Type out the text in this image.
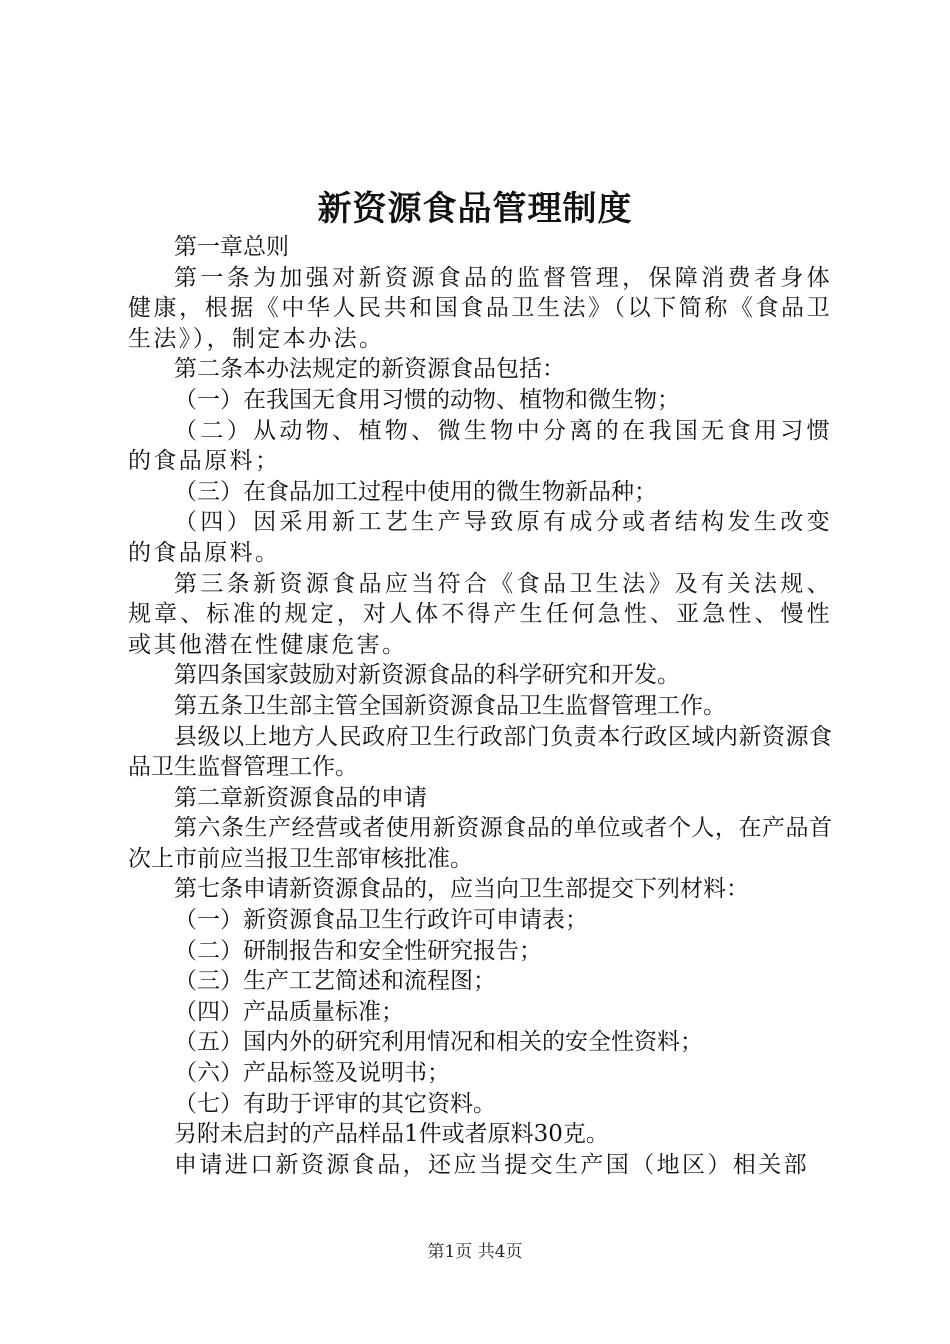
新资源食品管理制度

第一章总则

第一条为加强对新资源食品的监督管理，保障消费者身体健康，根据《中华人民共和国食品卫生法》（以下简称《食品卫生法》），制定本办法。

第二条本办法规定的新资源食品包括：

（一）在我国无食用习惯的动物、植物和微生物；

（二）从动物、植物、微生物中分离的在我国无食用习惯的食品原料；

（三）在食品加工过程中使用的微生物新品种；

（四）因采用新工艺生产导致原有成分或者结构发生改变的食品原料。

第三条新资源食品应当符合《食品卫生法》及有关法规、规章、标准的规定，对人体不得产生任何急性、亚急性、慢性或其他潜在性健康危害。

第四条国家鼓励对新资源食品的科学研究和开发。

第五条卫生部主管全国新资源食品卫生监督管理工作。

县级以上地方人民政府卫生行政部门负责本行政区域内新资源食品卫生监督管理工作。

第二章新资源食品的申请

第六条生产经营或者使用新资源食品的单位或者个人，在产品首次上市前应当报卫生部审核批准。

第七条申请新资源食品的，应当向卫生部提交下列材料：

（一）新资源食品卫生行政许可申请表；

（二）研制报告和安全性研究报告；

（三）生产工艺简述和流程图；

（四）产品质量标准；

（五）国内外的研究利用情况和相关的安全性资料；

（六）产品标签及说明书；

（七）有助于评审的其它资料。

另附未启封的产品样品1件或者原料30克。

申请进口新资源食品，还应当提交生产国（地区）相关部

第1页 共4页
